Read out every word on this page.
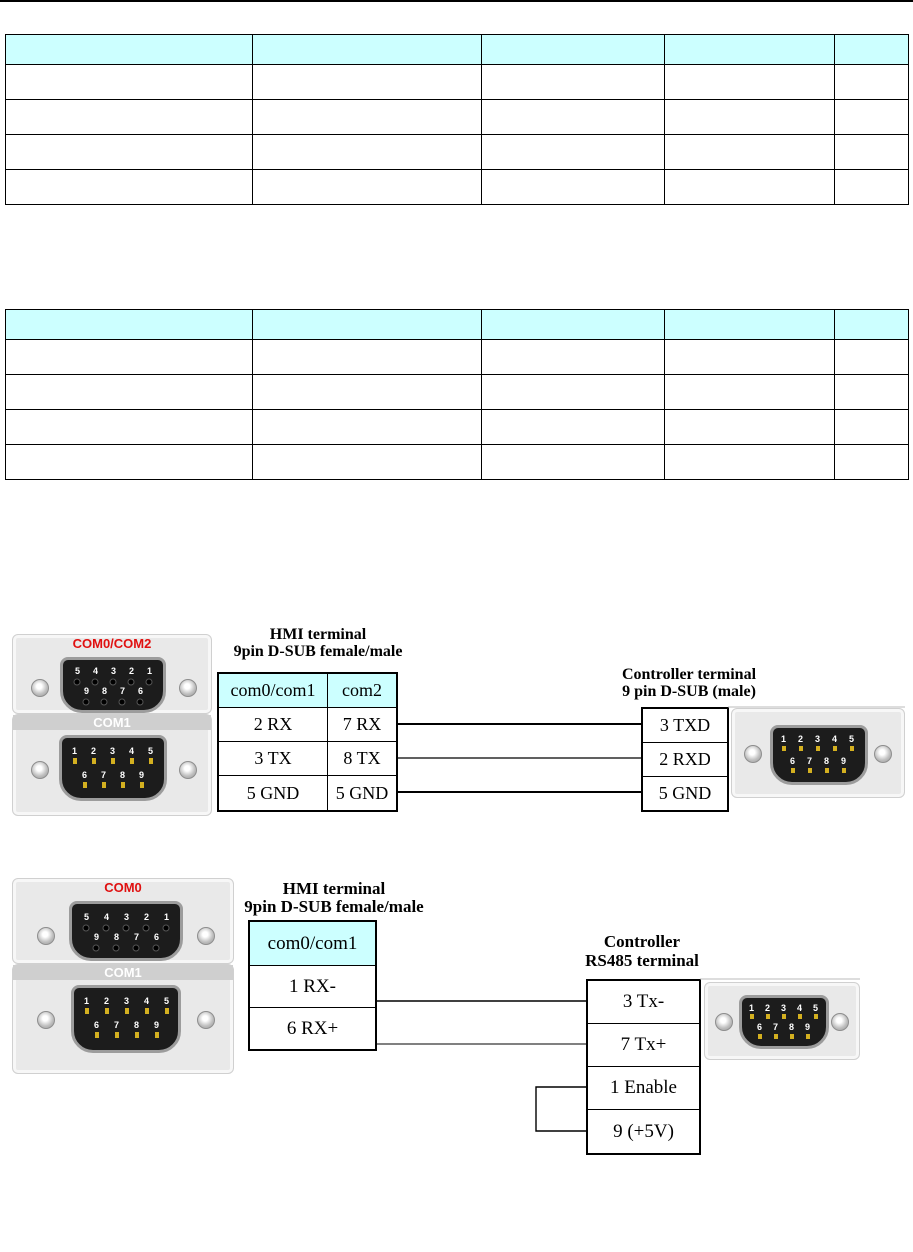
COM0/COM2
5 4 3 2 1
9 8 7 6
COM1
1 2 3 4 5
6 7 8 9
HMI terminal
9pin D-SUB female/male
com0/com1	com2
2 RX	7 RX
3 TX	8 TX
5 GND	5 GND
Controller terminal
9 pin D-SUB (male)
3 TXD
2 RXD
5 GND
1 2 3 4 5
6 7 8 9
COM0
5 4 3 2 1
9 8 7 6
COM1
1 2 3 4 5
6 7 8 9
HMI terminal
9pin D-SUB female/male
com0/com1
1 RX-
6 RX+
Controller
RS485 terminal
3 Tx-
7 Tx+
1 Enable
9 (+5V)
1 2 3 4 5
6 7 8 9
